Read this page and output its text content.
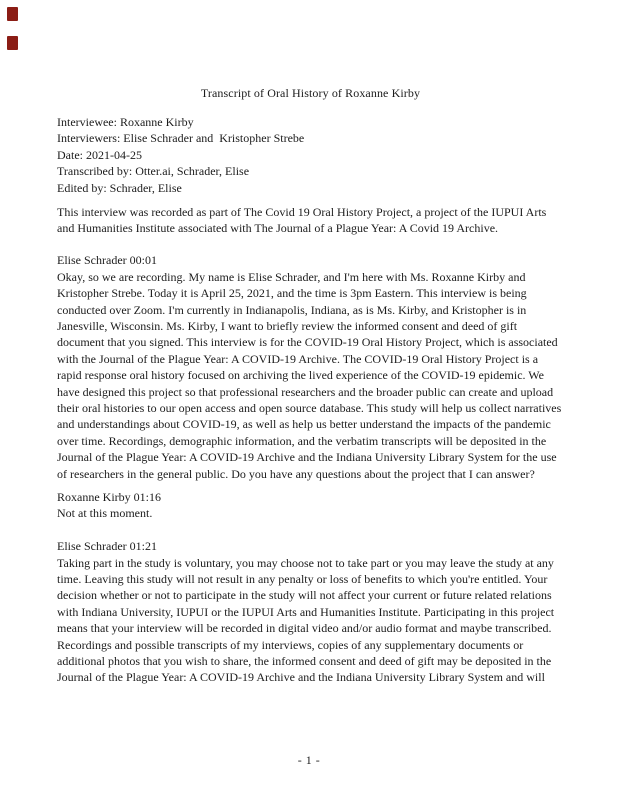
Transcript of Oral History of Roxanne Kirby

Interviewee: Roxanne Kirby

Interviewers: Elise Schrader and  Kristopher Strebe

Date: 2021-04-25

Transcribed by: Otter.ai, Schrader, Elise

Edited by: Schrader, Elise

This interview was recorded as part of The Covid 19 Oral History Project, a project of the IUPUI Arts and Humanities Institute associated with The Journal of a Plague Year: A Covid 19 Archive.

Elise Schrader 00:01

Okay, so we are recording. My name is Elise Schrader, and I'm here with Ms. Roxanne Kirby and Kristopher Strebe. Today it is April 25, 2021, and the time is 3pm Eastern. This interview is being conducted over Zoom. I'm currently in Indianapolis, Indiana, as is Ms. Kirby, and Kristopher is in Janesville, Wisconsin. Ms. Kirby, I want to briefly review the informed consent and deed of gift document that you signed. This interview is for the COVID-19 Oral History Project, which is associated with the Journal of the Plague Year: A COVID-19 Archive. The COVID-19 Oral History Project is a rapid response oral history focused on archiving the lived experience of the COVID-19 epidemic. We have designed this project so that professional researchers and the broader public can create and upload their oral histories to our open access and open source database. This study will help us collect narratives and understandings about COVID-19, as well as help us better understand the impacts of the pandemic over time. Recordings, demographic information, and the verbatim transcripts will be deposited in the Journal of the Plague Year: A COVID-19 Archive and the Indiana University Library System for the use of researchers in the general public. Do you have any questions about the project that I can answer?

Roxanne Kirby 01:16

Not at this moment.

Elise Schrader 01:21

Taking part in the study is voluntary, you may choose not to take part or you may leave the study at any time. Leaving this study will not result in any penalty or loss of benefits to which you're entitled. Your decision whether or not to participate in the study will not affect your current or future related relations with Indiana University, IUPUI or the IUPUI Arts and Humanities Institute. Participating in this project means that your interview will be recorded in digital video and/or audio format and maybe transcribed. Recordings and possible transcripts of my interviews, copies of any supplementary documents or additional photos that you wish to share, the informed consent and deed of gift may be deposited in the Journal of the Plague Year: A COVID-19 Archive and the Indiana University Library System and will

- 1 -
